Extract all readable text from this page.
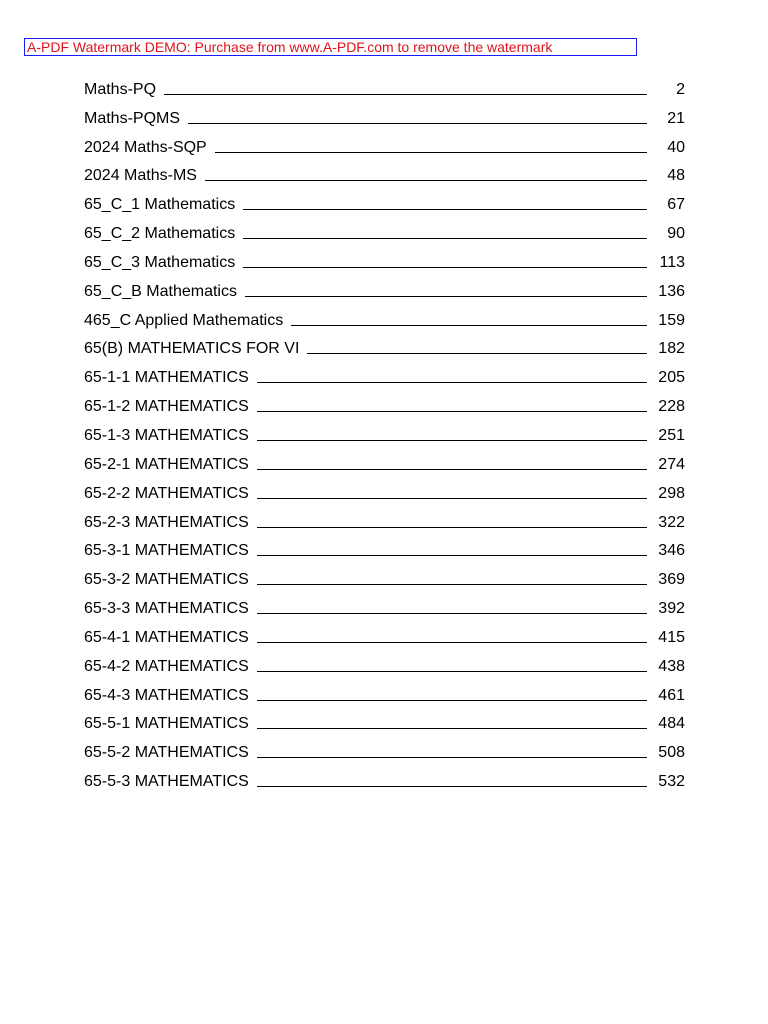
A-PDF Watermark DEMO: Purchase from www.A-PDF.com to remove the watermark
Maths-PQ	2
Maths-PQMS	21
2024 Maths-SQP	40
2024 Maths-MS	48
65_C_1 Mathematics	67
65_C_2 Mathematics	90
65_C_3 Mathematics	113
65_C_B Mathematics	136
465_C Applied Mathematics	159
65(B) MATHEMATICS FOR VI	182
65-1-1 MATHEMATICS	205
65-1-2 MATHEMATICS	228
65-1-3 MATHEMATICS	251
65-2-1 MATHEMATICS	274
65-2-2 MATHEMATICS	298
65-2-3 MATHEMATICS	322
65-3-1 MATHEMATICS	346
65-3-2 MATHEMATICS	369
65-3-3 MATHEMATICS	392
65-4-1 MATHEMATICS	415
65-4-2 MATHEMATICS	438
65-4-3 MATHEMATICS	461
65-5-1 MATHEMATICS	484
65-5-2 MATHEMATICS	508
65-5-3 MATHEMATICS	532
